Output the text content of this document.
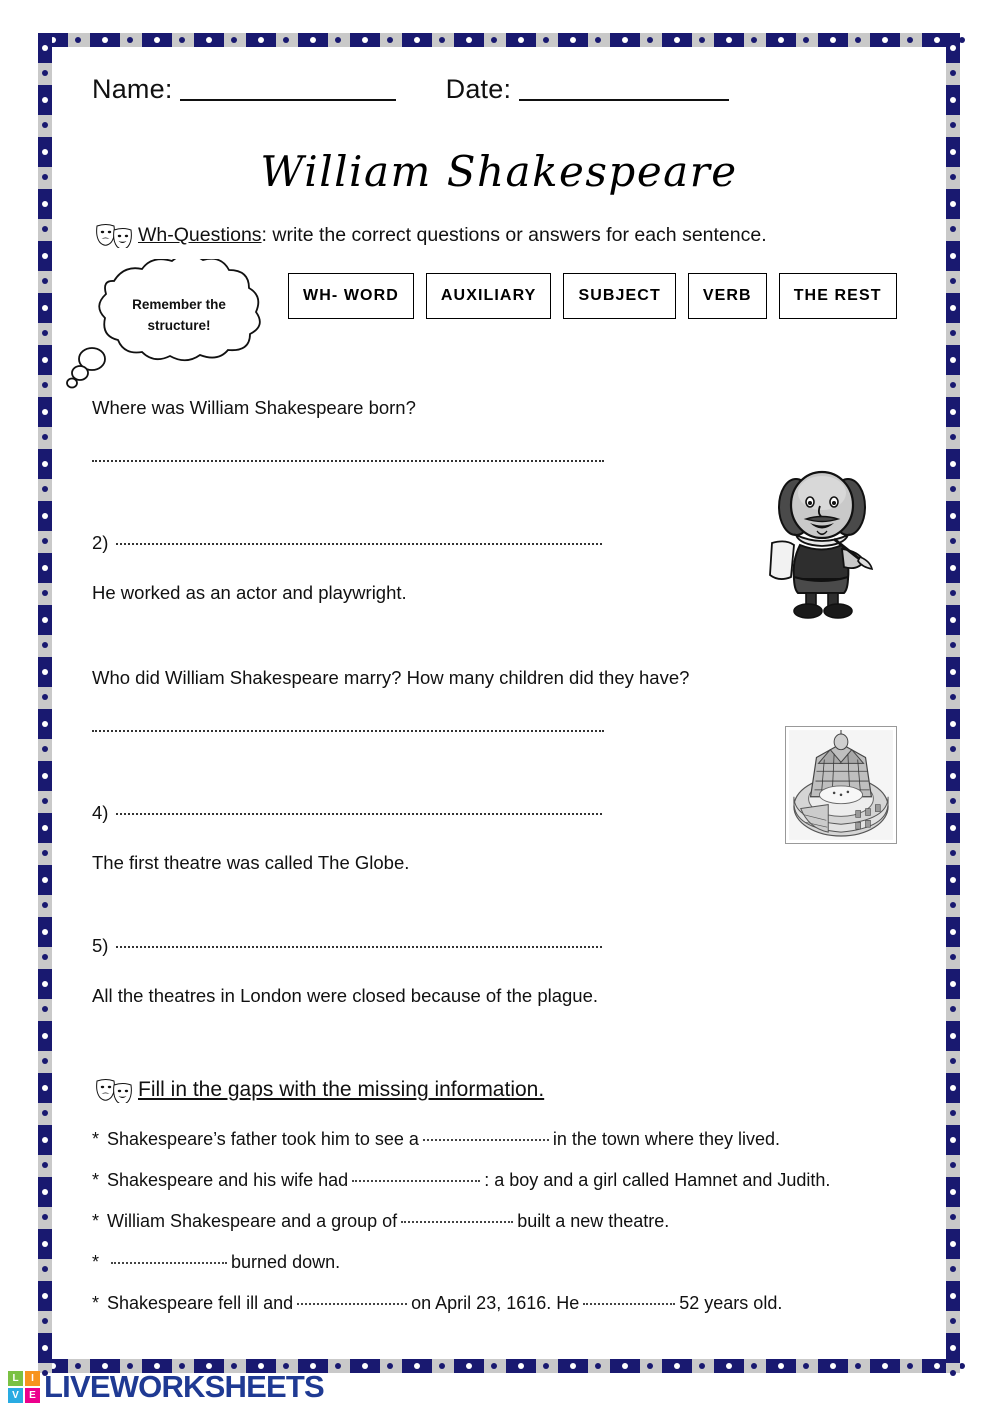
Name:	Date:
William Shakespeare
Wh-Questions: write the correct questions or answers for each sentence.
Remember the
structure!
WH- WORD	AUXILIARY	SUBJECT	VERB	THE REST
Where was William Shakespeare born?
2)
He worked as an actor and playwright.
Who did William Shakespeare marry? How many children did they have?
4)
The first theatre was called The Globe.
5)
All the theatres in London were closed because of the plague.
Fill in the gaps with the missing information.
* Shakespeare’s father took him to see a	in the town where they lived.
* Shakespeare and his wife had	: a boy and a girl called Hamnet and Judith.
* William Shakespeare and a group of	built a new theatre.
*	burned down.
* Shakespeare fell ill and	on April 23, 1616. He	52 years old.
L	I
V	E LIVEWORKSHEETS
